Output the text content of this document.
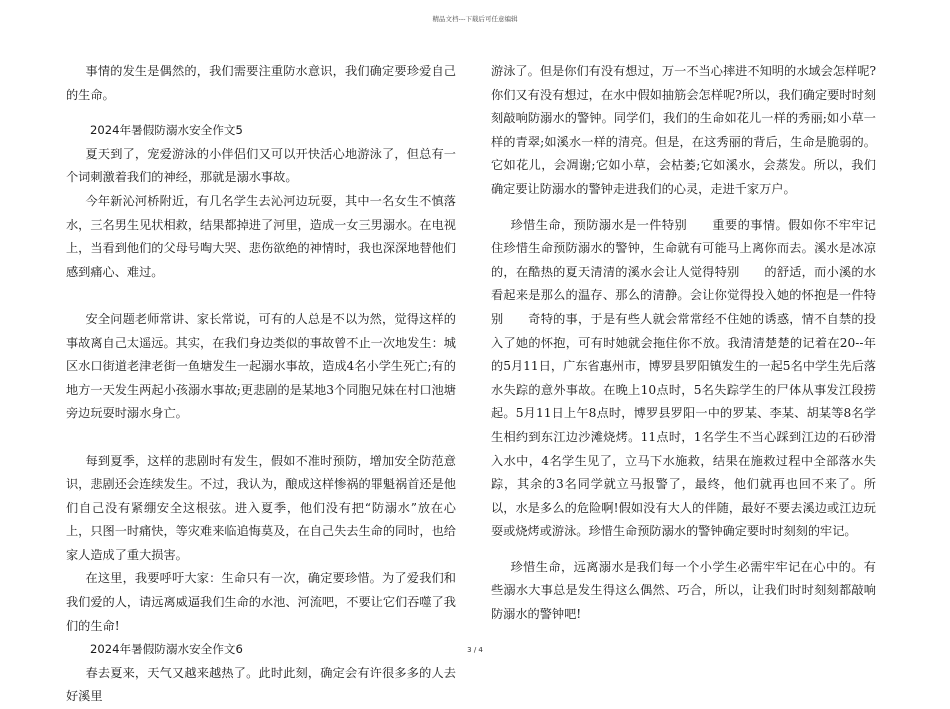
精品文档---下载后可任意编辑

事情的发生是偶然的，我们需要注重防水意识，我们确定要珍爱自己的生命。

2024年暑假防溺水安全作文5

夏天到了，宠爱游泳的小伴侣们又可以开快活心地游泳了，但总有一个词刺激着我们的神经，那就是溺水事故。

今年新沁河桥附近，有几名学生去沁河边玩耍，其中一名女生不慎落水，三名男生见状相救，结果都掉进了河里，造成一女三男溺水。在电视上，当看到他们的父母号啕大哭、悲伤欲绝的神情时，我也深深地替他们感到痛心、难过。

安全问题老师常讲、家长常说，可有的人总是不以为然，觉得这样的事故离自己太遥远。其实，在我们身边类似的事故曾不止一次地发生：城区水口街道老津老街一鱼塘发生一起溺水事故，造成4名小学生死亡;有的地方一天发生两起小孩溺水事故;更悲剧的是某地3个同胞兄妹在村口池塘旁边玩耍时溺水身亡。

每到夏季，这样的悲剧时有发生，假如不准时预防，增加安全防范意识，悲剧还会连续发生。不过，我认为，酿成这样惨祸的罪魁祸首还是他们自己没有紧绷安全这根弦。进入夏季，他们没有把“防溺水”放在心上，只图一时痛快，等灾难来临追悔莫及，在自己失去生命的同时，也给家人造成了重大损害。

在这里，我要呼吁大家：生命只有一次，确定要珍惜。为了爱我们和我们爱的人，请远离威逼我们生命的水池、河流吧，不要让它们吞噬了我们的生命!

2024年暑假防溺水安全作文6

春去夏来，天气又越来越热了。此时此刻，确定会有许很多多的人去好溪里

游泳了。但是你们有没有想过，万一不当心摔进不知明的水域会怎样呢?你们又有没有想过，在水中假如抽筋会怎样呢?所以，我们确定要时时刻刻敲响防溺水的警钟。同学们，我们的生命如花儿一样的秀丽;如小草一样的青翠;如溪水一样的清亮。但是，在这秀丽的背后，生命是脆弱的。它如花儿，会凋谢;它如小草，会枯萎;它如溪水，会蒸发。所以，我们确定要让防溺水的警钟走进我们的心灵，走进千家万户。

珍惜生命，预防溺水是一件特别　　重要的事情。假如你不牢牢记住珍惜生命预防溺水的警钟，生命就有可能马上离你而去。溪水是冰凉的，在酷热的夏天清清的溪水会让人觉得特别　　的舒适，而小溪的水看起来是那么的温存、那么的清静。会让你觉得投入她的怀抱是一件特别　　奇特的事，于是有些人就会常常经不住她的诱惑，情不自禁的投入了她的怀抱，可有时她就会拖住你不放。我清清楚楚的记着在20--年的5月11日，广东省惠州市，博罗县罗阳镇发生的一起5名中学生先后落水失踪的意外事故。在晚上10点时，5名失踪学生的尸体从事发江段捞起。5月11日上午8点时，博罗县罗阳一中的罗某、李某、胡某等8名学生相约到东江边沙滩烧烤。11点时，1名学生不当心踩到江边的石砂滑入水中，4名学生见了，立马下水施救，结果在施救过程中全部落水失踪，其余的3名同学就立马报警了，最终，他们就再也回不来了。所以，水是多么的危险啊!假如没有大人的伴随，最好不要去溪边或江边玩耍或烧烤或游泳。珍惜生命预防溺水的警钟确定要时时刻刻的牢记。

珍惜生命，远离溺水是我们每一个小学生必需牢牢记在心中的。有些溺水大事总是发生得这么偶然、巧合，所以，让我们时时刻刻都敲响防溺水的警钟吧!

3 / 4
